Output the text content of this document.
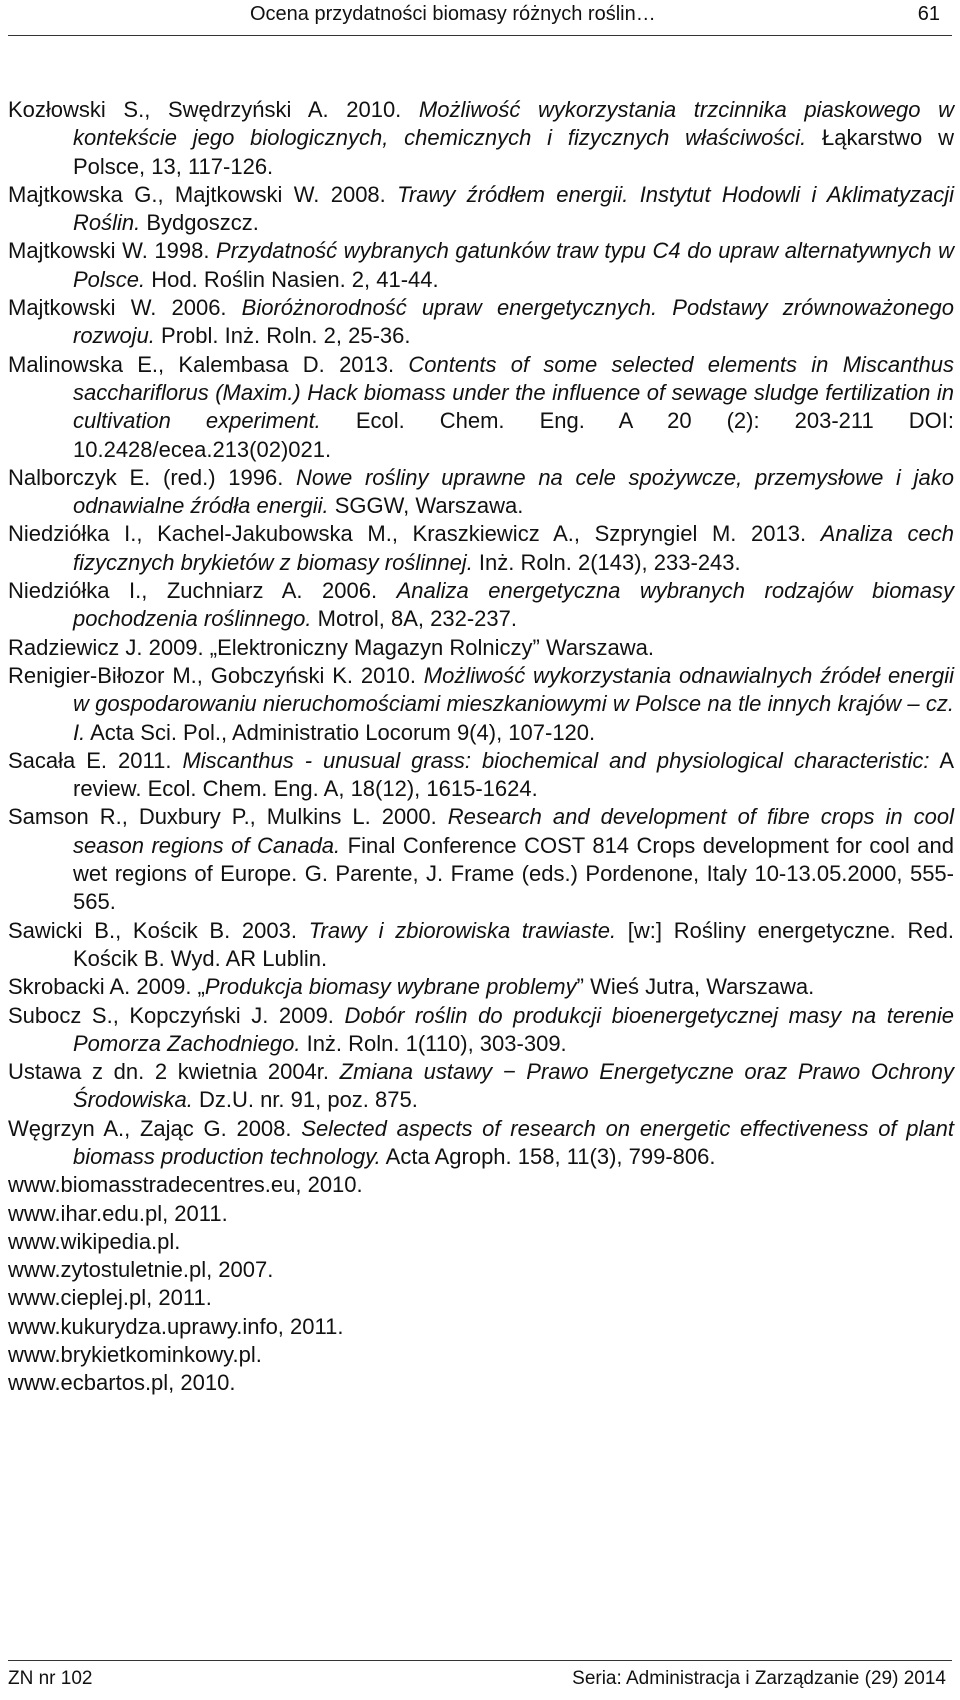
Ocena przydatności biomasy różnych roślin…	61
Kozłowski S., Swędrzyński A. 2010. Możliwość wykorzystania trzcinnika piaskowego w kontekście jego biologicznych, chemicznych i fizycznych właściwości. Łąkarstwo w Polsce, 13, 117-126.
Majtkowska G., Majtkowski W. 2008. Trawy źródłem energii. Instytut Hodowli i Aklimatyzacji Roślin. Bydgoszcz.
Majtkowski W. 1998. Przydatność wybranych gatunków traw typu C4 do upraw alternatywnych w Polsce. Hod. Roślin Nasien. 2, 41-44.
Majtkowski W. 2006. Bioróżnorodność upraw energetycznych. Podstawy zrównoważonego rozwoju. Probl. Inż. Roln. 2, 25-36.
Malinowska E., Kalembasa D. 2013. Contents of some selected elements in Miscanthus sacchariflorus (Maxim.) Hack biomass under the influence of sewage sludge fertilization in cultivation experiment. Ecol. Chem. Eng. A 20 (2): 203-211 DOI: 10.2428/ecea.213(02)021.
Nalborczyk E. (red.) 1996. Nowe rośliny uprawne na cele spożywcze, przemysłowe i jako odnawialne źródła energii. SGGW, Warszawa.
Niedziółka I., Kachel-Jakubowska M., Kraszkiewicz A., Szpryngiel M. 2013. Analiza cech fizycznych brykietów z biomasy roślinnej. Inż. Roln. 2(143), 233-243.
Niedziółka I., Zuchniarz A. 2006. Analiza energetyczna wybranych rodzajów biomasy pochodzenia roślinnego. Motrol, 8A, 232-237.
Radziewicz J. 2009. „Elektroniczny Magazyn Rolniczy” Warszawa.
Renigier-Biłozor M., Gobczyński K. 2010. Możliwość wykorzystania odnawialnych źródeł energii w gospodarowaniu nieruchomościami mieszkaniowymi w Polsce na tle innych krajów – cz. I. Acta Sci. Pol., Administratio Locorum 9(4), 107-120.
Sacała E. 2011. Miscanthus - unusual grass: biochemical and physiological characteristic: A review. Ecol. Chem. Eng. A, 18(12), 1615-1624.
Samson R., Duxbury P., Mulkins L. 2000. Research and development of fibre crops in cool season regions of Canada. Final Conference COST 814 Crops development for cool and wet regions of Europe. G. Parente, J. Frame (eds.) Pordenone, Italy 10-13.05.2000, 555-565.
Sawicki B., Kościk B. 2003. Trawy i zbiorowiska trawiaste. [w:] Rośliny energetyczne. Red. Kościk B. Wyd. AR Lublin.
Skrobacki A. 2009. „Produkcja biomasy wybrane problemy” Wieś Jutra, Warszawa.
Subocz S., Kopczyński J. 2009. Dobór roślin do produkcji bioenergetycznej masy na terenie Pomorza Zachodniego. Inż. Roln. 1(110), 303-309.
Ustawa z dn. 2 kwietnia 2004r. Zmiana ustawy − Prawo Energetyczne oraz Prawo Ochrony Środowiska. Dz.U. nr. 91, poz. 875.
Węgrzyn A., Zając G. 2008. Selected aspects of research on energetic effectiveness of plant biomass production technology. Acta Agroph. 158, 11(3), 799-806.
www.biomasstradecentres.eu, 2010.
www.ihar.edu.pl, 2011.
www.wikipedia.pl.
www.zytostuletnie.pl, 2007.
www.cieplej.pl, 2011.
www.kukurydza.uprawy.info, 2011.
www.brykietkominkowy.pl.
www.ecbartos.pl, 2010.
ZN nr 102	Seria: Administracja i Zarządzanie (29) 2014
